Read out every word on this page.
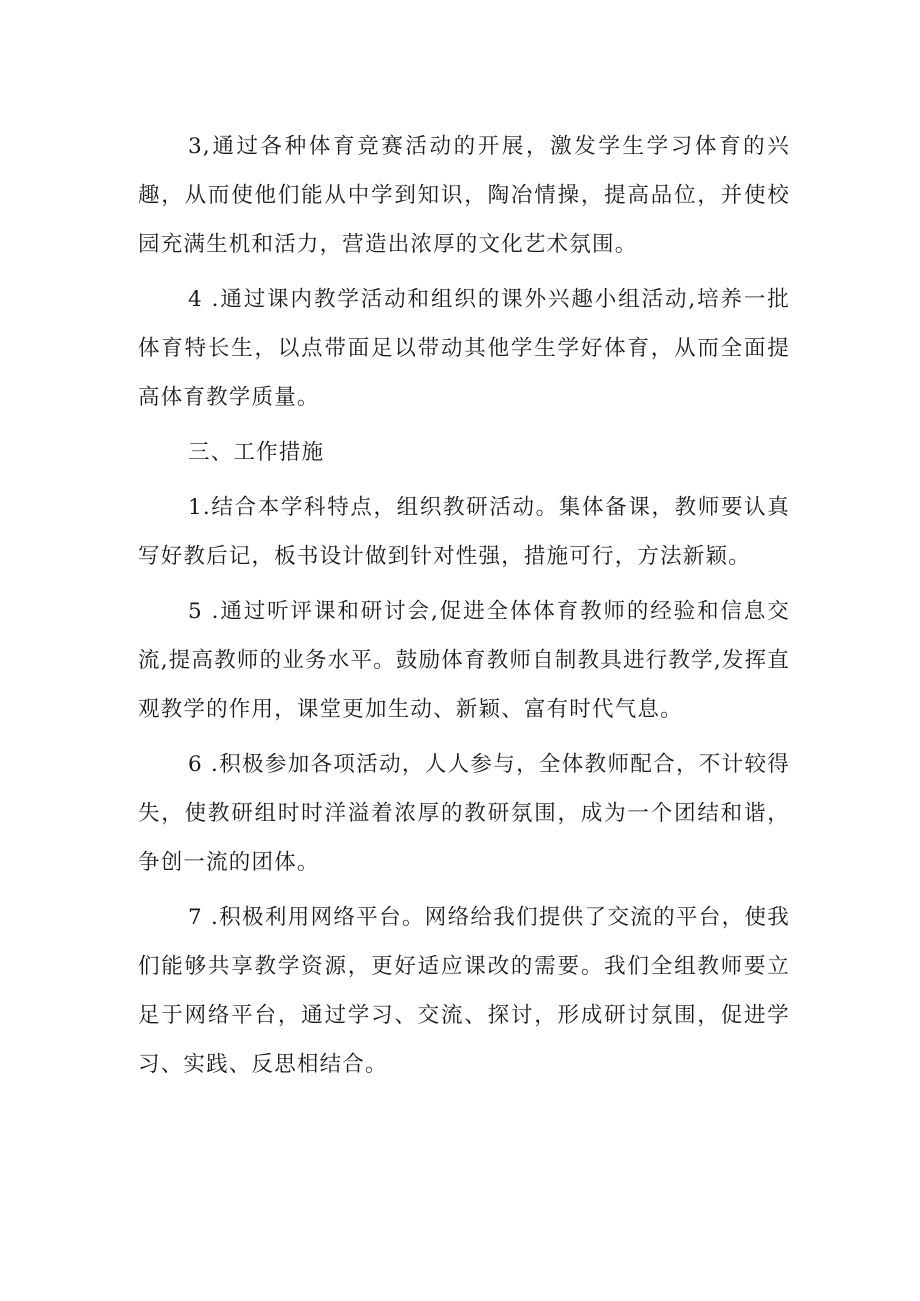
3,通过各种体育竞赛活动的开展，激发学生学习体育的兴趣，从而使他们能从中学到知识，陶冶情操，提高品位，并使校园充满生机和活力，营造出浓厚的文化艺术氛围。

4 .通过课内教学活动和组织的课外兴趣小组活动,培养一批体育特长生，以点带面足以带动其他学生学好体育，从而全面提高体育教学质量。

三、工作措施

1.结合本学科特点，组织教研活动。集体备课，教师要认真写好教后记，板书设计做到针对性强，措施可行，方法新颖。

5 .通过听评课和研讨会,促进全体体育教师的经验和信息交流,提高教师的业务水平。鼓励体育教师自制教具进行教学,发挥直观教学的作用，课堂更加生动、新颖、富有时代气息。

6 .积极参加各项活动，人人参与，全体教师配合，不计较得失，使教研组时时洋溢着浓厚的教研氛围，成为一个团结和谐，争创一流的团体。

7 .积极利用网络平台。网络给我们提供了交流的平台，使我们能够共享教学资源，更好适应课改的需要。我们全组教师要立足于网络平台，通过学习、交流、探讨，形成研讨氛围，促进学习、实践、反思相结合。
